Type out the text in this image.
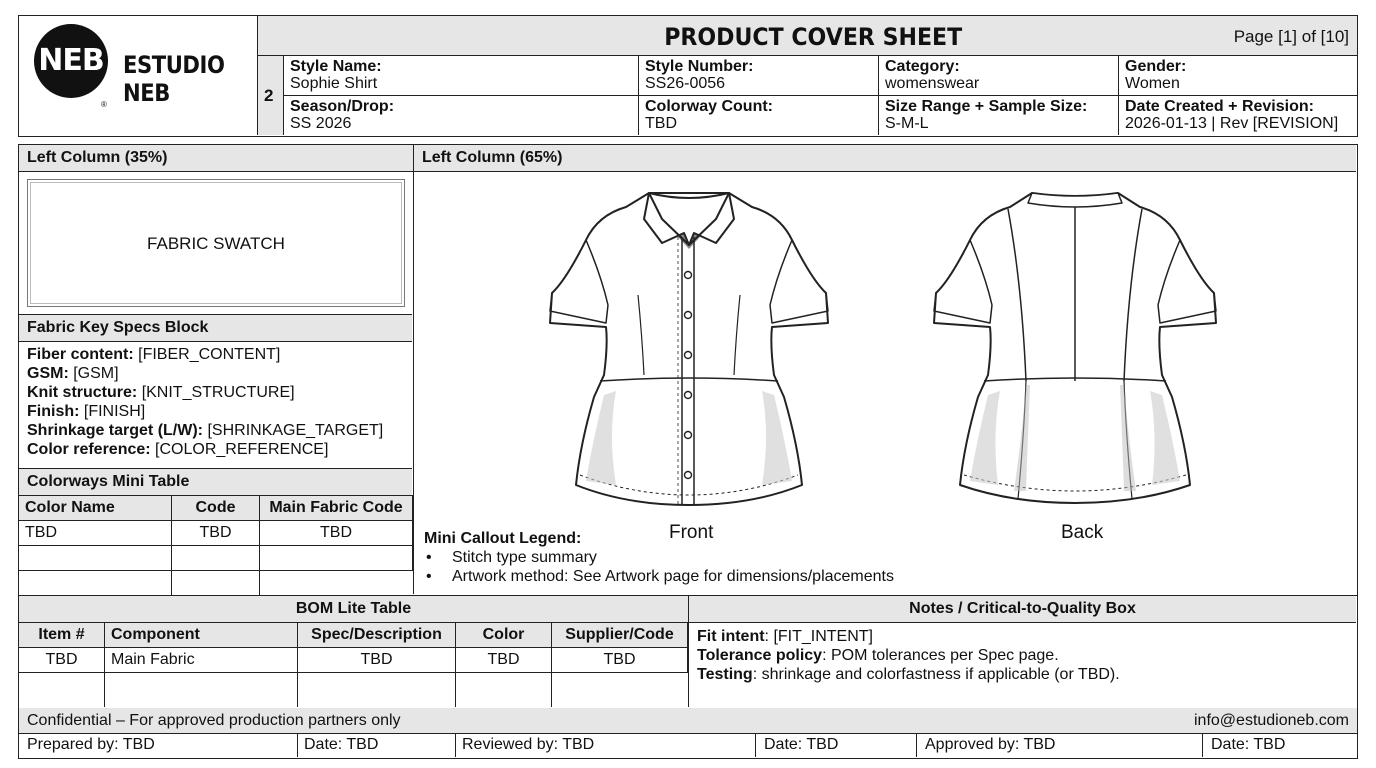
NEB
®
ESTUDIO NEB
PRODUCT COVER SHEET	Page [1] of [10]
2
Style Name:
Sophie Shirt
Style Number:
SS26-0056
Category:
womenswear
Gender:
Women
Season/Drop:
SS 2026
Colorway Count:
TBD
Size Range + Sample Size:
S-M-L
Date Created + Revision:
2026-01-13 | Rev [REVISION]
Left Column (35%)
FABRIC SWATCH
Fabric Key Specs Block
Fiber content: [FIBER_CONTENT]
GSM: [GSM]
Knit structure: [KNIT_STRUCTURE]
Finish: [FINISH]
Shrinkage target (L/W): [SHRINKAGE_TARGET]
Color reference: [COLOR_REFERENCE]
Colorways Mini Table
Color Name	Code	Main Fabric Code
TBD	TBD	TBD

Left Column (65%)
Front	Back
Mini Callout Legend:
• Stitch type summary
• Artwork method: See Artwork page for dimensions/placements
BOM Lite Table
Item #	Component	Spec/Description	Color	Supplier/Code
TBD	Main Fabric	TBD	TBD	TBD

Notes / Critical-to-Quality Box
Fit intent: [FIT_INTENT]
Tolerance policy: POM tolerances per Spec page.
Testing: shrinkage and colorfastness if applicable (or TBD).
Confidential – For approved production partners only	info@estudioneb.com
Prepared by: TBD	Date: TBD	Reviewed by: TBD	Date: TBD	Approved by: TBD	Date: TBD
